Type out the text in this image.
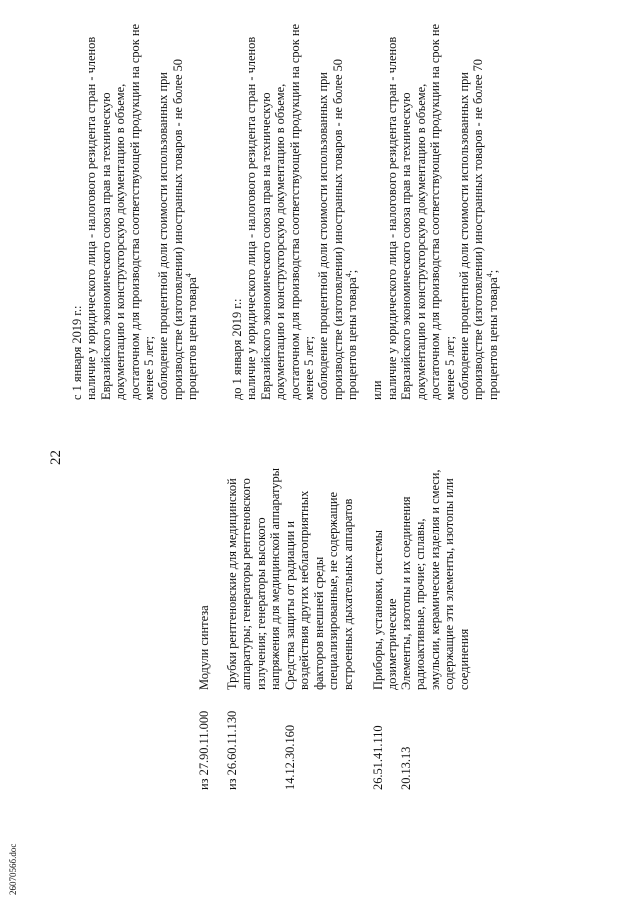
22
из 27.90.11.000
Модули синтеза
из 26.60.11.130
Трубки рентгеновские для медицинской аппаратуры; генераторы рентгеновского излучения; генераторы высокого напряжения для медицинской аппаратуры
14.12.30.160
Средства защиты от радиации и воздействия других неблагоприятных факторов внешней среды специализированные, не содержащие встроенных дыхательных аппаратов
26.51.41.110
Приборы, установки, системы дозиметрические
20.13.13
Элементы, изотопы и их соединения радиоактивные, прочие; сплавы, эмульсии, керамические изделия и смеси, содержащие эти элементы, изотопы или соединения

с 1 января 2019 г.: наличие у юридического лица - налогового резидента стран - членов Евразийского экономического союза прав на техническую документацию и конструкторскую документацию в объеме, достаточном для производства соответствующей продукции на срок не менее 5 лет; соблюдение процентной доли стоимости использованных при производстве (изготовлении) иностранных товаров - не более 50 процентов цены товара$^4$

до 1 января 2019 г.: наличие у юридического лица - налогового резидента стран - членов Евразийского экономического союза прав на техническую документацию и конструкторскую документацию в объеме, достаточном для производства соответствующей продукции на срок не менее 5 лет; соблюдение процентной доли стоимости использованных при производстве (изготовлении) иностранных товаров - не более 50 процентов цены товара$^4$;

или наличие у юридического лица - налогового резидента стран - членов Евразийского экономического союза прав на техническую документацию и конструкторскую документацию в объеме, достаточном для производства соответствующей продукции на срок не менее 5 лет; соблюдение процентной доли стоимости использованных при производстве (изготовлении) иностранных товаров - не более 70 процентов цены товара$^4$;

2607056б.doc
